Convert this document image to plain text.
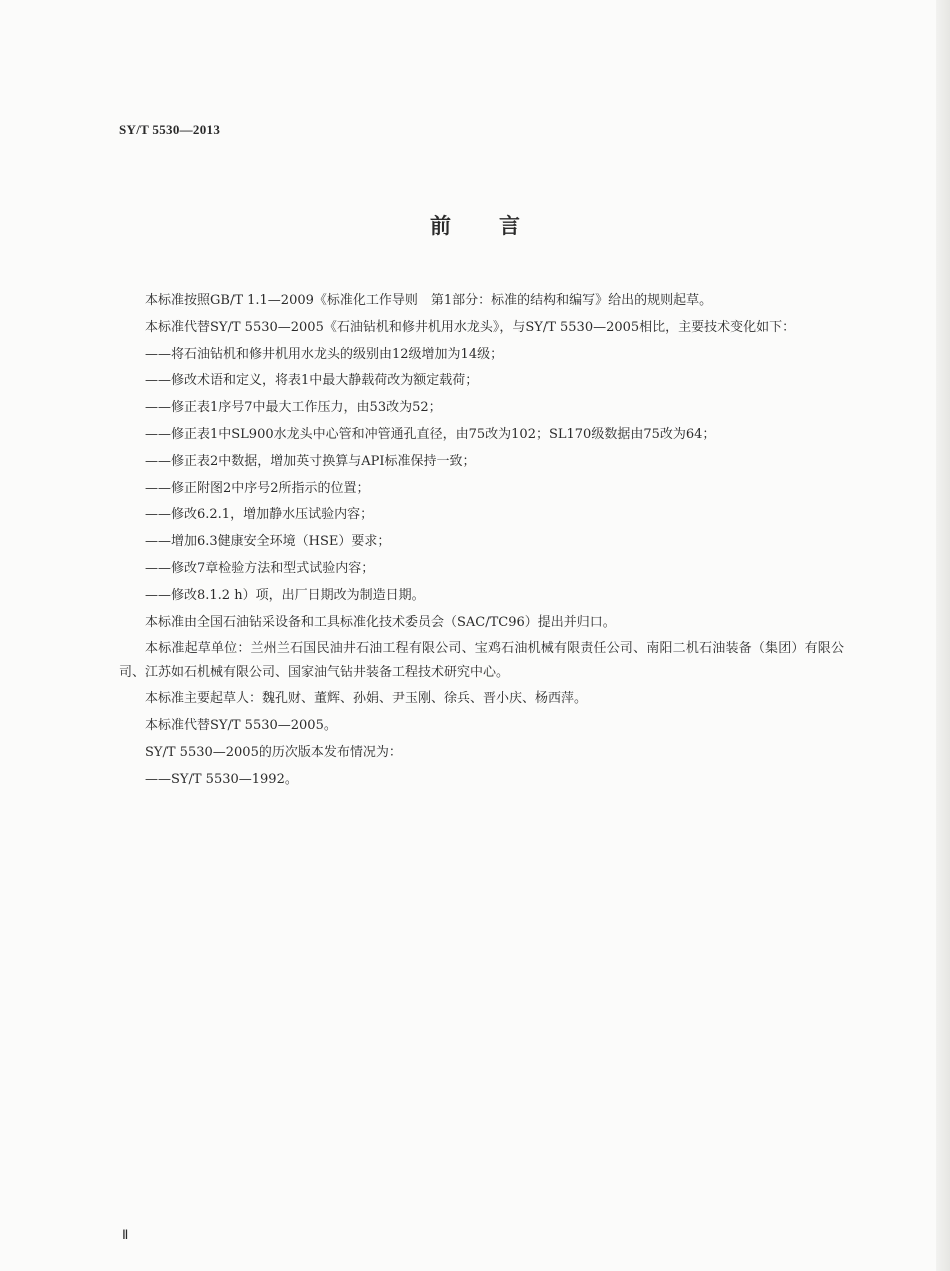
SY/T 5530—2013
前言

本标准按照GB/T 1.1—2009《标准化工作导则　第1部分：标准的结构和编写》给出的规则起草。

本标准代替SY/T 5530—2005《石油钻机和修井机用水龙头》，与SY/T 5530—2005相比，主要技术变化如下：

——将石油钻机和修井机用水龙头的级别由12级增加为14级；

——修改术语和定义，将表1中最大静载荷改为额定载荷；

——修正表1序号7中最大工作压力，由53改为52；

——修正表1中SL900水龙头中心管和冲管通孔直径，由75改为102；SL170级数据由75改为64；

——修正表2中数据，增加英寸换算与API标准保持一致；

——修正附图2中序号2所指示的位置；

——修改6.2.1，增加静水压试验内容；

——增加6.3健康安全环境（HSE）要求；

——修改7章检验方法和型式试验内容；

——修改8.1.2 h）项，出厂日期改为制造日期。

本标准由全国石油钻采设备和工具标准化技术委员会（SAC/TC96）提出并归口。

本标准起草单位：兰州兰石国民油井石油工程有限公司、宝鸡石油机械有限责任公司、南阳二机石油装备（集团）有限公司、江苏如石机械有限公司、国家油气钻井装备工程技术研究中心。

本标准主要起草人：魏孔财、董辉、孙娟、尹玉刚、徐兵、晋小庆、杨西萍。

本标准代替SY/T 5530—2005。

SY/T 5530—2005的历次版本发布情况为：

——SY/T 5530—1992。

Ⅱ
